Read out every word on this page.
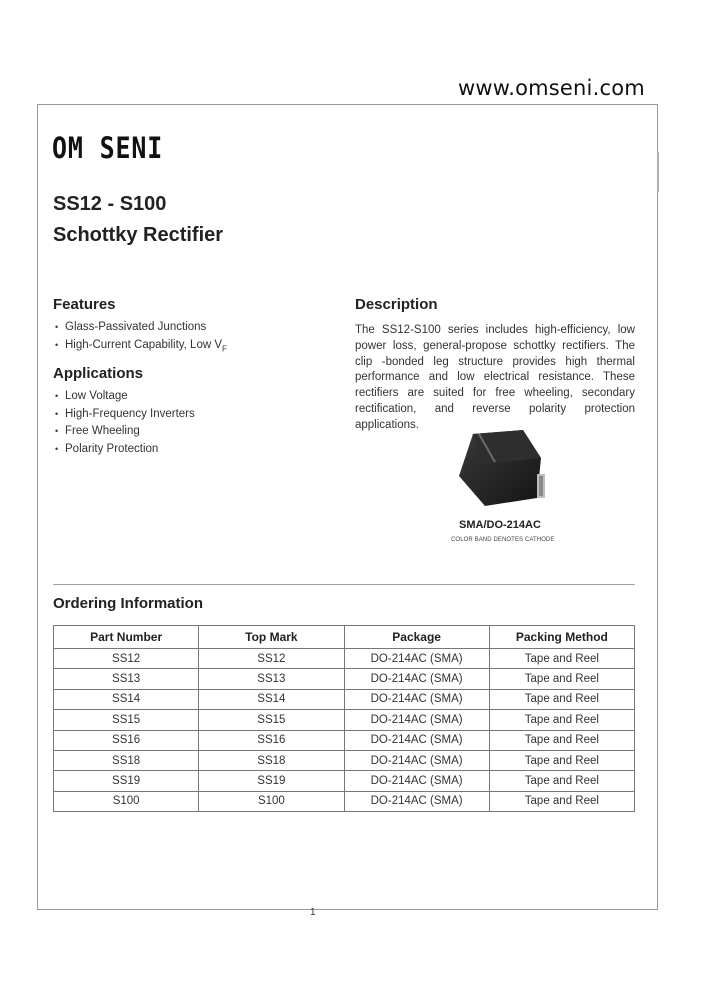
www.omseni.com
OM SENI
SS12 - S100
Schottky Rectifier
Features
• Glass-Passivated Junctions
• High-Current Capability, Low $V_F$
Applications
• Low Voltage
• High-Frequency Inverters
• Free Wheeling
• Polarity Protection
Description

The SS12-S100 series includes high-efficiency, low power loss, general-propose schottky rectifiers. The clip -bonded leg structure provides high thermal performance and low electrical resistance. These rectifiers are suited for free wheeling, secondary rectification, and reverse polarity protection applications.

SMA/DO-214AC
COLOR BAND DENOTES CATHODE
Ordering Information
Part Number	Top Mark	Package	Packing Method
SS12	SS12	DO-214AC (SMA)	Tape and Reel
SS13	SS13	DO-214AC (SMA)	Tape and Reel
SS14	SS14	DO-214AC (SMA)	Tape and Reel
SS15	SS15	DO-214AC (SMA)	Tape and Reel
SS16	SS16	DO-214AC (SMA)	Tape and Reel
SS18	SS18	DO-214AC (SMA)	Tape and Reel
SS19	SS19	DO-214AC (SMA)	Tape and Reel
S100	S100	DO-214AC (SMA)	Tape and Reel
1
